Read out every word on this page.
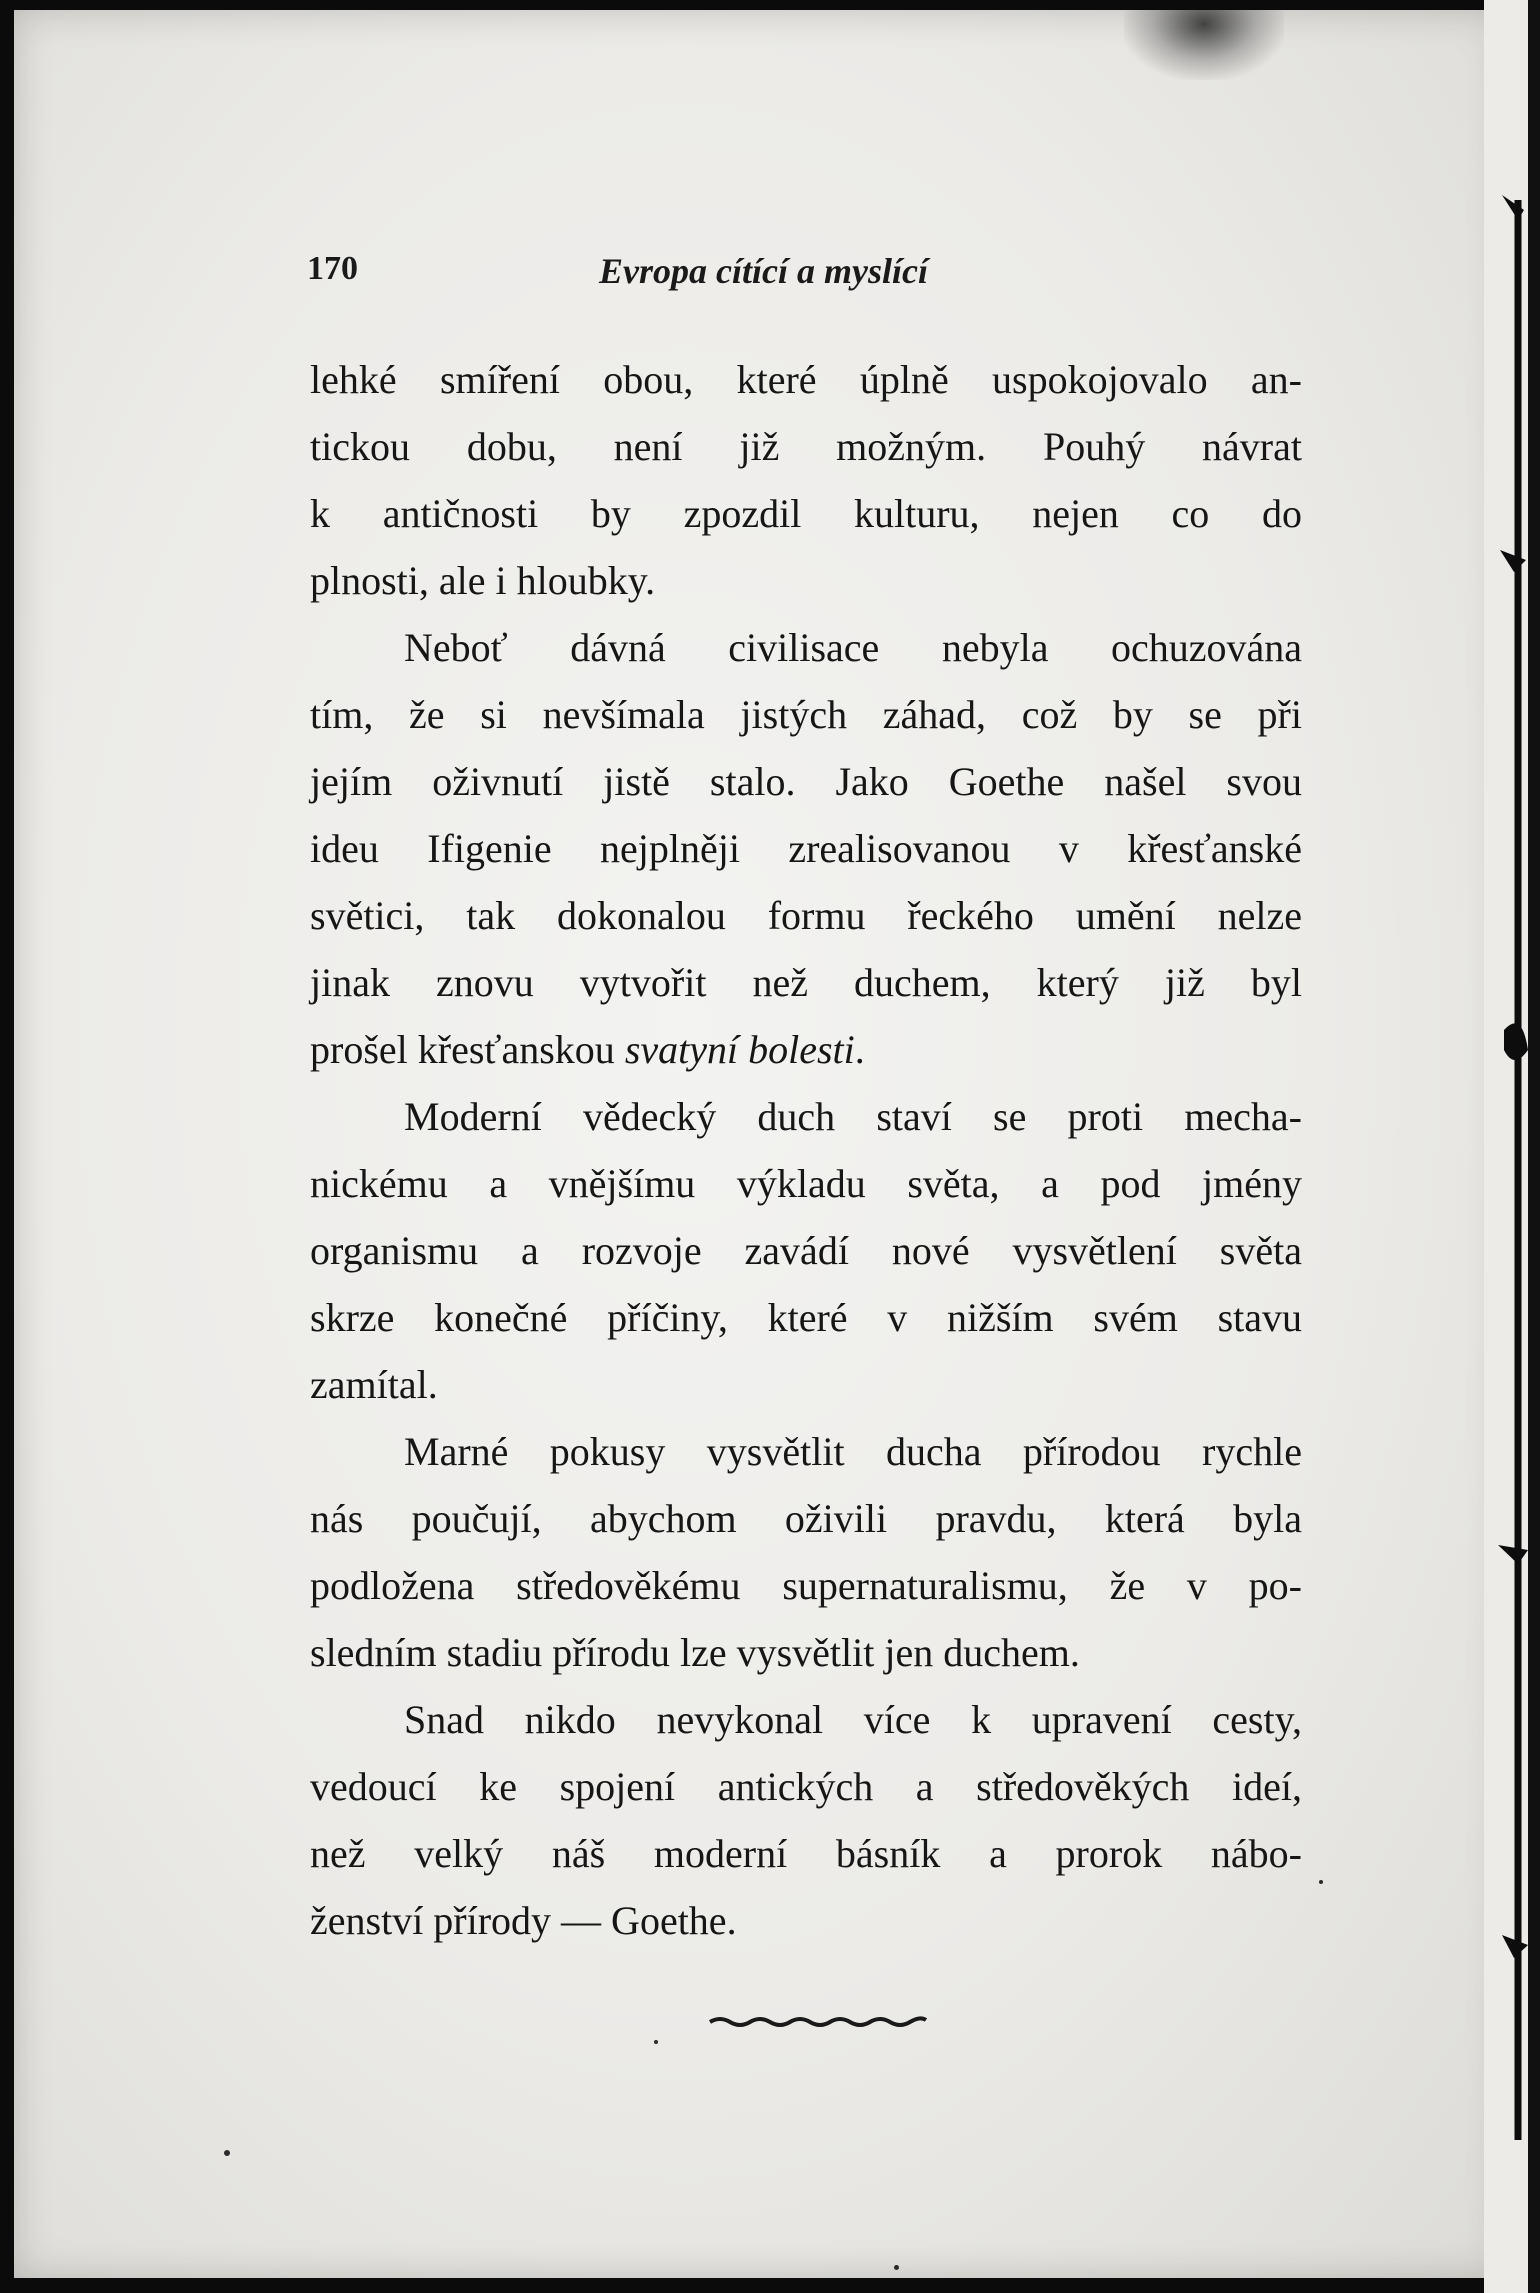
170	Evropa cítící a myslící
lehké smíření obou, které úplně uspokojovalo an-
tickou dobu, není již možným. Pouhý návrat
k antičnosti by zpozdil kulturu, nejen co do
plnosti, ale i hloubky.
Neboť dávná civilisace nebyla ochuzována
tím, že si nevšímala jistých záhad, což by se při
jejím oživnutí jistě stalo. Jako Goethe našel svou
ideu Ifigenie nejplněji zrealisovanou v křesťanské
světici, tak dokonalou formu řeckého umění nelze
jinak znovu vytvořit než duchem, který již byl
prošel křesťanskou svatyní bolesti.
Moderní vědecký duch staví se proti mecha-
nickému a vnějšímu výkladu světa, a pod jmény
organismu a rozvoje zavádí nové vysvětlení světa
skrze konečné příčiny, které v nižším svém stavu
zamítal.
Marné pokusy vysvětlit ducha přírodou rychle
nás poučují, abychom oživili pravdu, která byla
podložena středověkému supernaturalismu, že v po-
sledním stadiu přírodu lze vysvětlit jen duchem.
Snad nikdo nevykonal více k upravení cesty,
vedoucí ke spojení antických a středověkých ideí,
než velký náš moderní básník a prorok nábo-
ženství přírody — Goethe.
